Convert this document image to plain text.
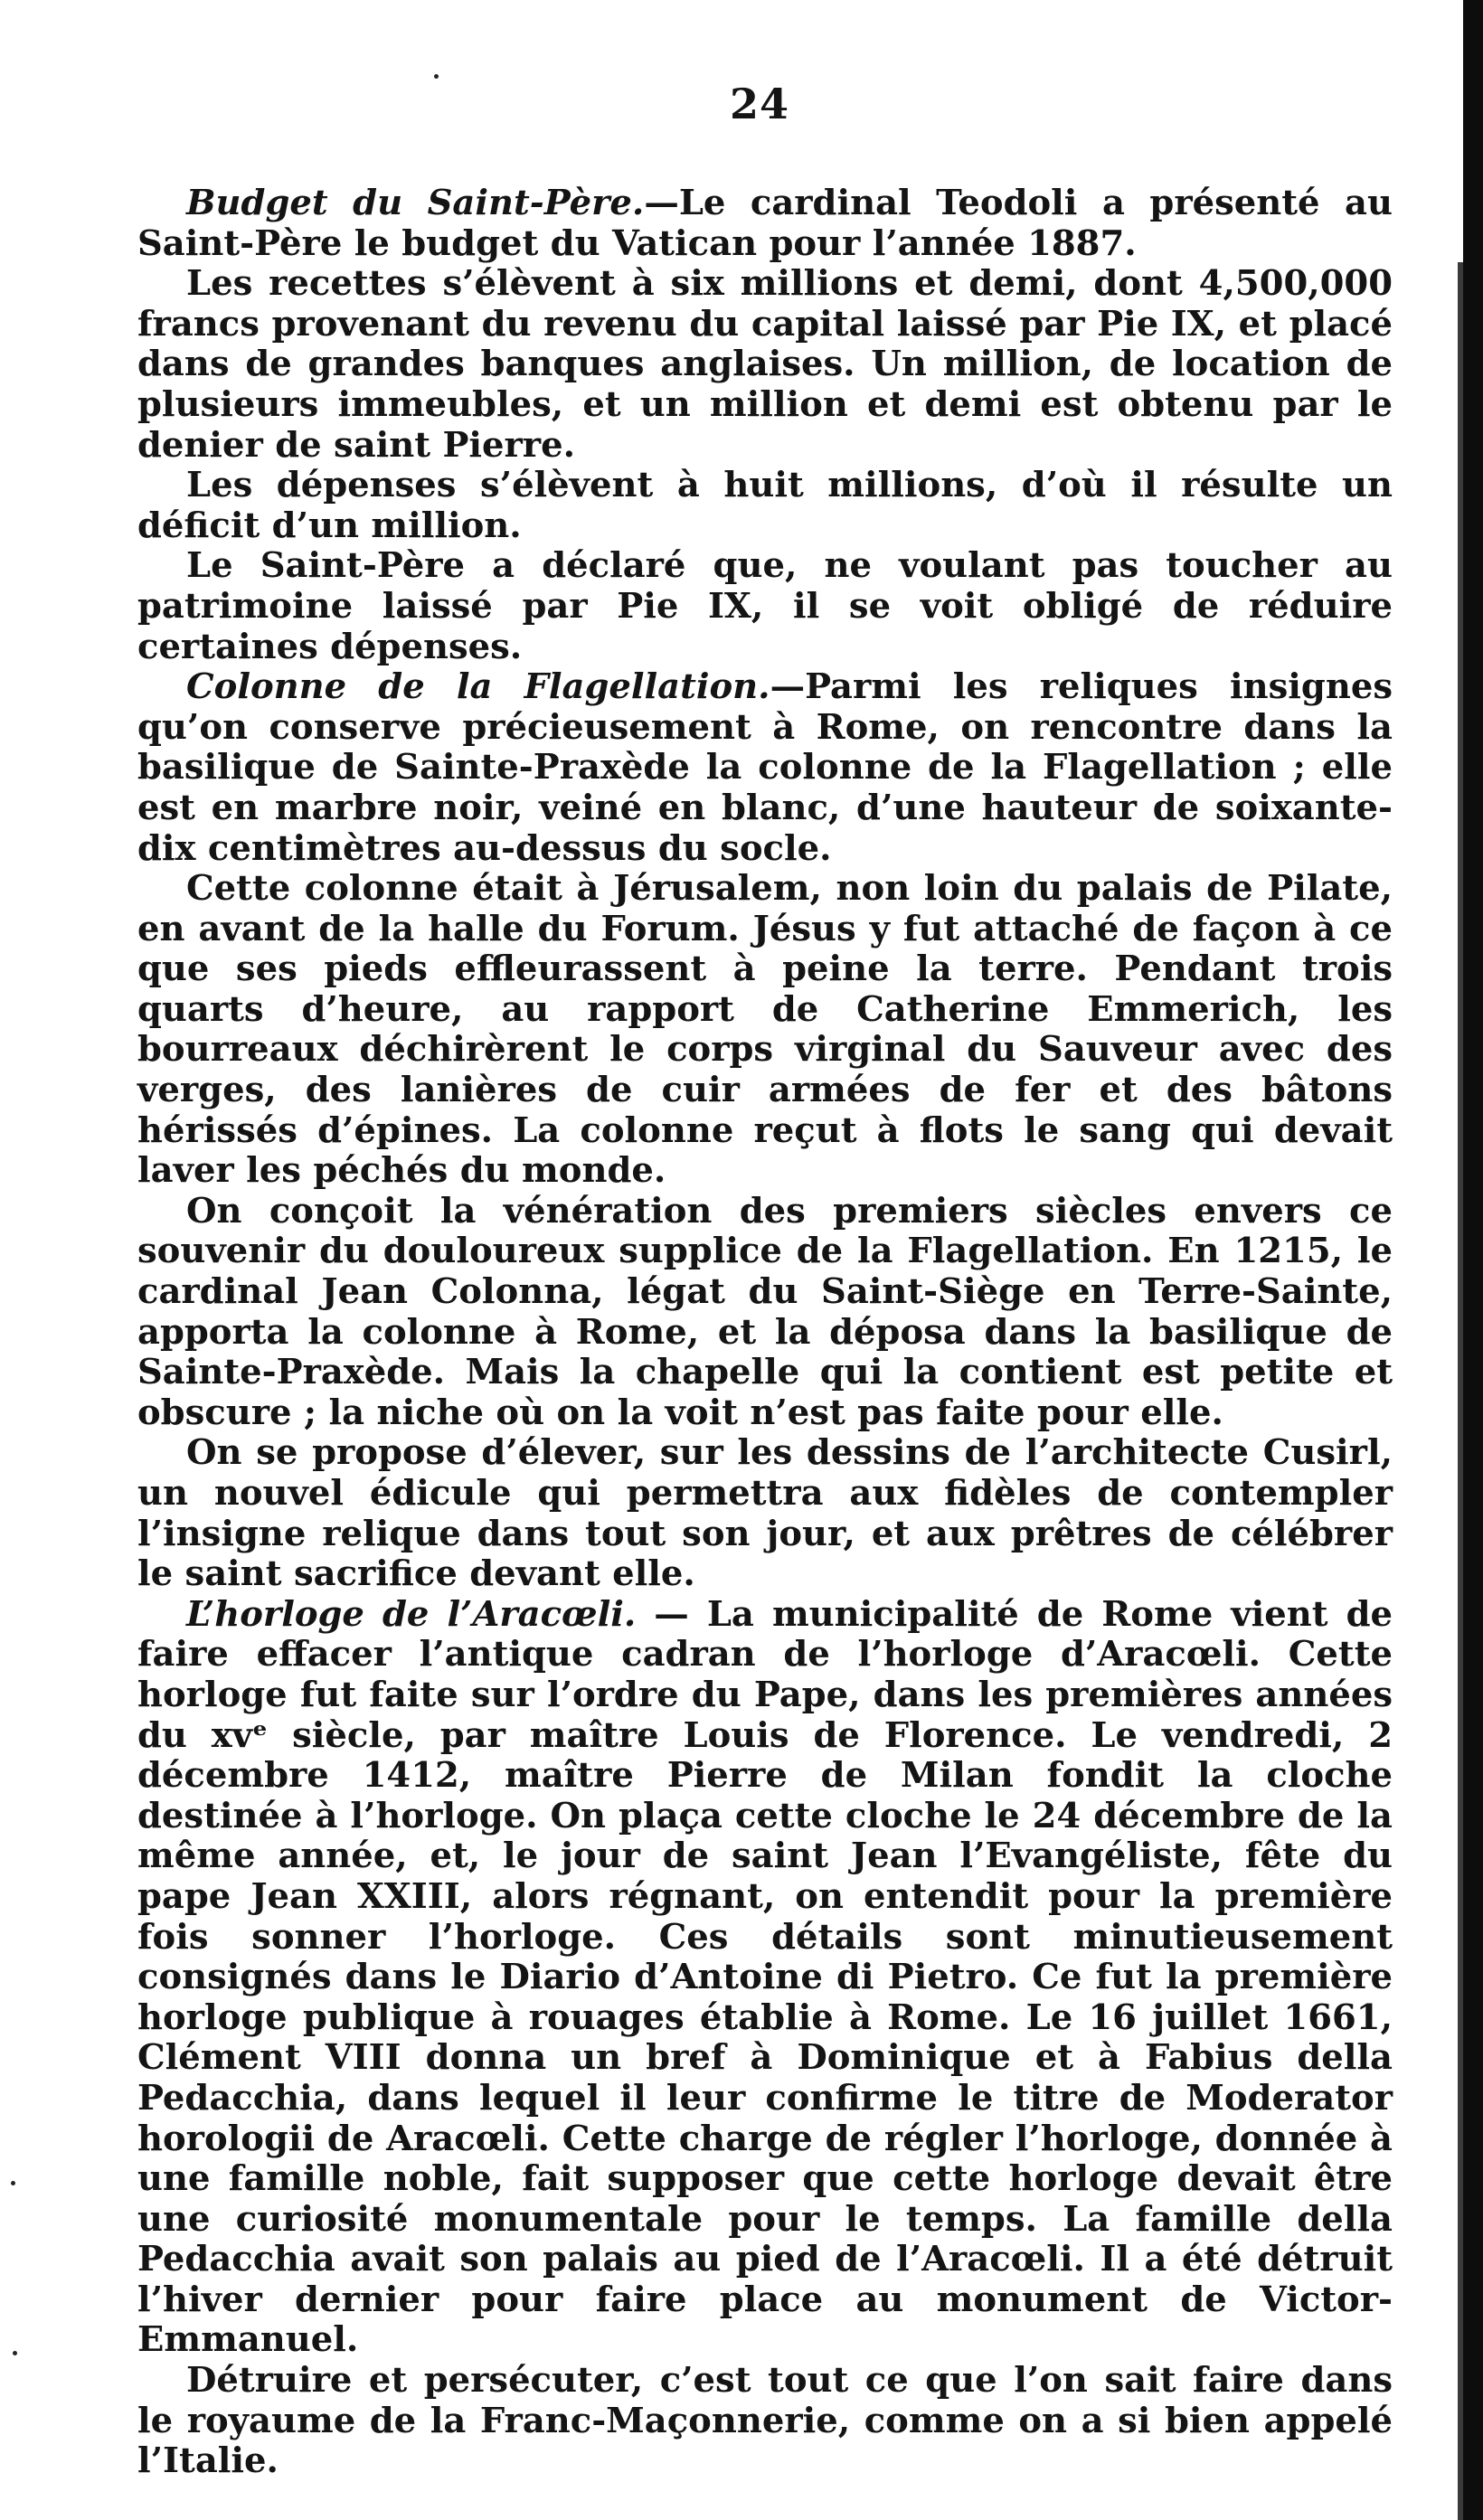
24

Budget du Saint-Père.—Le cardinal Teodoli a présenté au Saint-Père le budget du Vatican pour l’année 1887.

Les recettes s’élèvent à six millions et demi, dont 4,500,000 francs provenant du revenu du capital laissé par Pie IX, et placé dans de grandes banques anglaises. Un million, de location de plusieurs immeubles, et un million et demi est obtenu par le denier de saint Pierre.

Les dépenses s’élèvent à huit millions, d’où il résulte un déficit d’un million.

Le Saint-Père a déclaré que, ne voulant pas toucher au patrimoine laissé par Pie IX, il se voit obligé de réduire certaines dépenses.

Colonne de la Flagellation.—Parmi les reliques insignes qu’on conserve précieusement à Rome, on rencontre dans la basilique de Sainte-Praxède la colonne de la Flagellation ; elle est en marbre noir, veiné en blanc, d’une hauteur de soixante-dix centimètres au-dessus du socle.

Cette colonne était à Jérusalem, non loin du palais de Pilate, en avant de la halle du Forum. Jésus y fut attaché de façon à ce que ses pieds effleurassent à peine la terre. Pendant trois quarts d’heure, au rapport de Catherine Emmerich, les bourreaux déchirèrent le corps virginal du Sauveur avec des verges, des lanières de cuir armées de fer et des bâtons hérissés d’épines. La colonne reçut à flots le sang qui devait laver les péchés du monde.

On conçoit la vénération des premiers siècles envers ce souvenir du douloureux supplice de la Flagellation. En 1215, le cardinal Jean Colonna, légat du Saint-Siège en Terre-Sainte, apporta la colonne à Rome, et la déposa dans la basilique de Sainte-Praxède. Mais la chapelle qui la contient est petite et obscure ; la niche où on la voit n’est pas faite pour elle.

On se propose d’élever, sur les dessins de l’architecte Cusirl, un nouvel édicule qui permettra aux fidèles de contempler l’insigne relique dans tout son jour, et aux prêtres de célébrer le saint sacrifice devant elle.

L’horloge de l’Aracœli. — La municipalité de Rome vient de faire effacer l’antique cadran de l’horloge d’Aracœli. Cette horloge fut faite sur l’ordre du Pape, dans les premières années du xvᵉ siècle, par maître Louis de Florence. Le vendredi, 2 décembre 1412, maître Pierre de Milan fondit la cloche destinée à l’horloge. On plaça cette cloche le 24 décembre de la même année, et, le jour de saint Jean l’Evangéliste, fête du pape Jean XXIII, alors régnant, on entendit pour la première fois sonner l’horloge. Ces détails sont minutieusement consignés dans le Diario d’Antoine di Pietro. Ce fut la première horloge publique à rouages établie à Rome. Le 16 juillet 1661, Clément VIII donna un bref à Dominique et à Fabius della Pedacchia, dans lequel il leur confirme le titre de Moderator horologii de Aracœli. Cette charge de régler l’horloge, donnée à une famille noble, fait supposer que cette horloge devait être une curiosité monumentale pour le temps. La famille della Pedacchia avait son palais au pied de l’Aracœli. Il a été détruit l’hiver dernier pour faire place au monument de Victor-Emmanuel.

Détruire et persécuter, c’est tout ce que l’on sait faire dans le royaume de la Franc-Maçonnerie, comme on a si bien appelé l’Italie.
